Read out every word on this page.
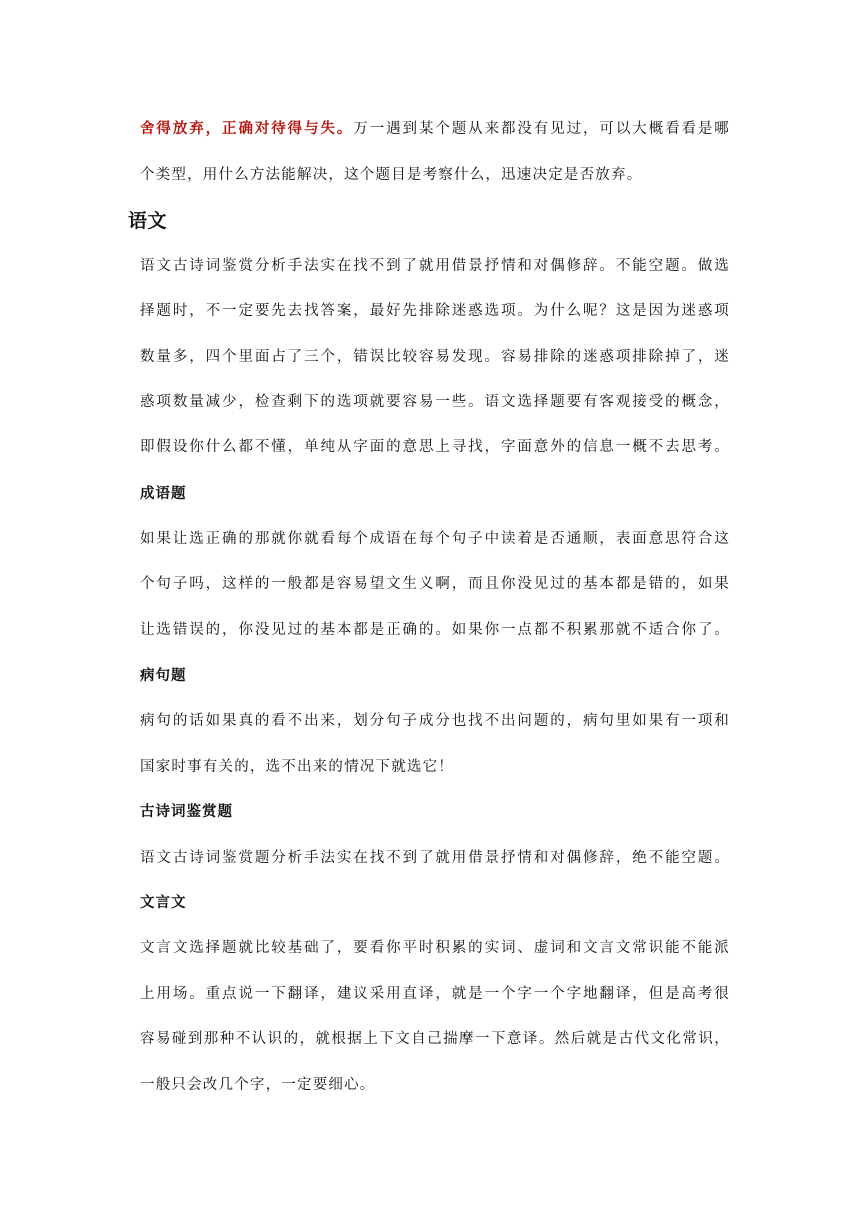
舍得放弃，正确对待得与失。万一遇到某个题从来都没有见过，可以大概看看是哪
个类型，用什么方法能解决，这个题目是考察什么，迅速决定是否放弃。
语文
语文古诗词鉴赏分析手法实在找不到了就用借景抒情和对偶修辞。不能空题。做选
择题时，不一定要先去找答案，最好先排除迷惑选项。为什么呢？这是因为迷惑项
数量多，四个里面占了三个，错误比较容易发现。容易排除的迷惑项排除掉了，迷
惑项数量减少，检查剩下的选项就要容易一些。语文选择题要有客观接受的概念，
即假设你什么都不懂，单纯从字面的意思上寻找，字面意外的信息一概不去思考。
成语题
如果让选正确的那就你就看每个成语在每个句子中读着是否通顺，表面意思符合这
个句子吗，这样的一般都是容易望文生义啊，而且你没见过的基本都是错的，如果
让选错误的，你没见过的基本都是正确的。如果你一点都不积累那就不适合你了。
病句题
病句的话如果真的看不出来，划分句子成分也找不出问题的，病句里如果有一项和
国家时事有关的，选不出来的情况下就选它！
古诗词鉴赏题
语文古诗词鉴赏题分析手法实在找不到了就用借景抒情和对偶修辞，绝不能空题。
文言文
文言文选择题就比较基础了，要看你平时积累的实词、虚词和文言文常识能不能派
上用场。重点说一下翻译，建议采用直译，就是一个字一个字地翻译，但是高考很
容易碰到那种不认识的，就根据上下文自己揣摩一下意译。然后就是古代文化常识，
一般只会改几个字，一定要细心。
